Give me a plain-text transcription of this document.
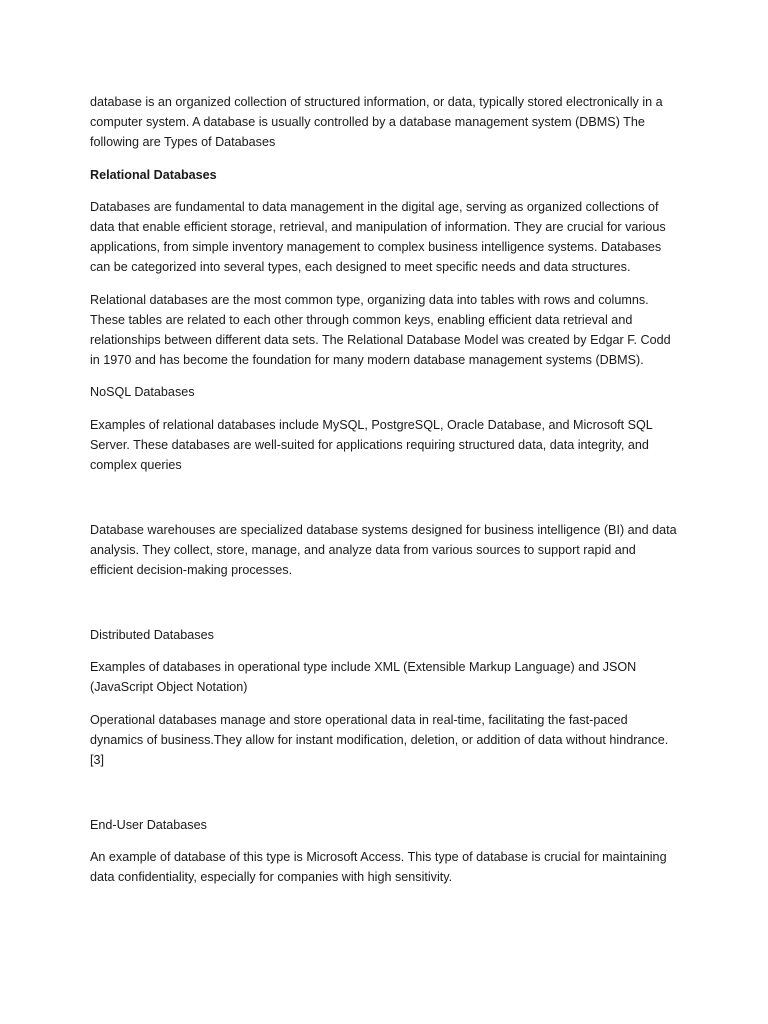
database is an organized collection of structured information, or data, typically stored electronically in a computer system. A database is usually controlled by a database management system (DBMS) The following are Types of Databases

Relational Databases

Databases are fundamental to data management in the digital age, serving as organized collections of data that enable efficient storage, retrieval, and manipulation of information. They are crucial for various applications, from simple inventory management to complex business intelligence systems. Databases can be categorized into several types, each designed to meet specific needs and data structures.

Relational databases are the most common type, organizing data into tables with rows and columns. These tables are related to each other through common keys, enabling efficient data retrieval and relationships between different data sets. The Relational Database Model was created by Edgar F. Codd in 1970 and has become the foundation for many modern database management systems (DBMS).

NoSQL Databases

Examples of relational databases include MySQL, PostgreSQL, Oracle Database, and Microsoft SQL Server. These databases are well-suited for applications requiring structured data, data integrity, and complex queries

Database warehouses are specialized database systems designed for business intelligence (BI) and data analysis. They collect, store, manage, and analyze data from various sources to support rapid and efficient decision-making processes.

Distributed Databases

Examples of databases in operational type include XML (Extensible Markup Language) and JSON (JavaScript Object Notation)

Operational databases manage and store operational data in real-time, facilitating the fast-paced dynamics of business.They allow for instant modification, deletion, or addition of data without hindrance.[3]

End-User Databases

An example of database of this type is Microsoft Access. This type of database is crucial for maintaining data confidentiality, especially for companies with high sensitivity.
